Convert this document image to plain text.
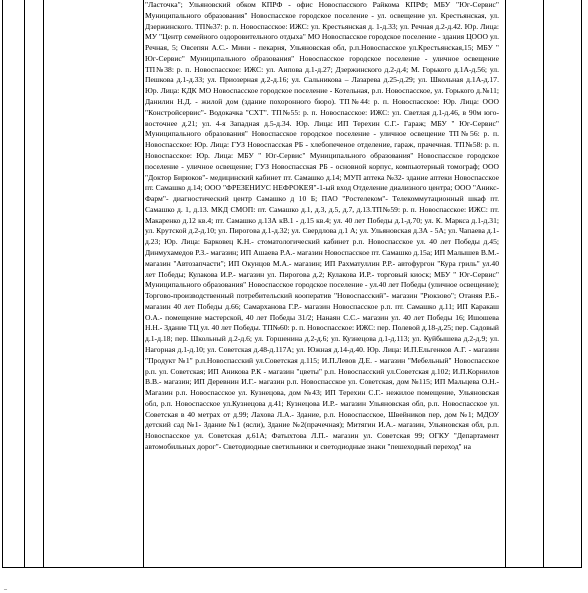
"Ласточка"; Ульяновский обком КПРФ - офис Новоспасского Райкома КПРФ; МБУ "Юг-Сервис" Муниципального образования" Новоспасское городское поселение - ул. освещение ул. Крестьянская, ул. Дзержинского. ТП№37: р. п. Новоспасское: ИЖС: ул. Крестьянская д. 1-д.33; ул. Речная д.2-д.42. Юр. Лица: МУ "Центр семейного оздоровительного отдыха" МО Новоспасское городское поселение - здания ЦООО ул. Речная, 5; Овсепян А.С.- Мини - пекарня, Ульяновская обл, р.п.Новоспасское ул.Крестьянская,15; МБУ " Юг-Сервис" Муниципального образования" Новоспасское городское поселение - уличное освещение ТП№38: р. п. Новоспасское: ИЖС: ул. Аипова д.1-д.27; Дзержинского д.2-д.4; М. Горького д.1А-д.56; ул. Пешкова д.1-д.33; ул. Приозерная д.2-д.16; ул. Сальникова – Лазарева д.25-д.29; ул. Школьная д.1А-д.17. Юр. Лица: КДК МО Новоспасское городское поселение - Котельная, р.п. Новоспасское, ул. Горького д.№11; Данилин Н.Д. - жилой дом (здание похоронного бюро). ТП№44: р. п. Новоспасское: Юр. Лица: ООО "Констройсервис"- Водокачка "СХТ". ТП№55: р. п. Новоспасское: ИЖС: ул. Светлая д.1-д.46, в 90м юго-восточнее д.21; ул. 4-я Западная д.5-д.34. Юр. Лица: ИП Терехин С.Г.- Гараж; МБУ " Юг-Сервис" Муниципального образования" Новоспасское городское поселение - уличное освещение ТП№56: р. п. Новоспасское: Юр. Лица: ГУЗ Новоспасская РБ - хлебопеченое отделение, гараж, прачечная. ТП№58: р. п. Новоспасское: Юр. Лица: МБУ " Юг-Сервис" Муниципального образования" Новоспасское городское поселение - уличное освещение; ГУЗ Новоспасская РБ - основной корпус, компьютерный томограф; ООО "Доктор Бирюков"- медицинский кабинет пт. Самашко д.14; МУП аптека №32- здание аптеки Новоспасское пт. Самашко д.14; ООО "ФРЕЗЕНИУС НЕФРОКЕЯ"-1-ый вход Отделение диализного центра; ООО "Аникс-Фарм"- диагностический центр Самашко д 10 Б; ПАО "Ростелеком"- Телекоммутационный шкаф пт. Самашко д. 1, д.13. МКД СМОП: пт. Самашко д.1, д.3, д.5, д.7, д.13.ТП№59: р. п. Новоспасское: ИЖС: пт. Макаренко д.12 кв.4; пт. Самашко д.13А кВ.1 - д.15 кв.4; ул. 40 лет Победы д.1-д.70; ул. К. Маркса д.1-д.31; ул. Крутской д.2-д.10; ул. Пирогова д.1-д.32; ул. Свердлова д.1 А; ул. Ульяновская д.3А - 5А; ул. Чапаева д.1-д.23; Юр. Лица: Барковец К.Н.- стоматологический кабинет р.п. Новоспасское ул. 40 лет Победы д.45; Динмухамедов Р.З.- магазин; ИП Ашаева Р.А.- магазин Новоспасское пт. Самашко д.15а; ИП Малышев В.М.- магазин "Автозапчасти"; ИП Окунцов М.А.- магазин; ИП Рахматуллин Р.Р.- автофургон "Кура гриль" ул.40 лет Победы; Кулакова И.Р.- магазин ул. Пирогова д.2; Кулакова И.Р.- торговый киоск; МБУ " Юг-Сервис" Муниципального образования" Новоспасское городское поселение - ул.40 лет Победы (уличное освещение); Торгово-производственный потребительский кооператив "Новоспасский"- магазин "Рюкзово"; Отаняя Р.Б.- магазин 40 лет Победы д.66; Самарханова Г.Р.- магазин Новоспасское р.п. пт. Самашко д.11; ИП Каракаш О.А.- помещение мастерской, 40 лет Победы 31/2; Нанаян С.С.- магазин ул. 40 лет Победы 16; Ишошева Н.Н.- Здание ТЦ ул. 40 лет Победы. ТП№60: р. п. Новоспасское: ИЖС: пер. Полевой д.18-д.25; пер. Садовый д.1-д.18; пер. Школьный д.2-д.6; ул. Горшенина д.2-д.6; ул. Кузнецова д.1-д.113; ул. Куйбышева д.2-д.9; ул. Нагорная д.1-д.10; ул. Советская д.48-д.117А; ул. Южная д.14-д.40. Юр. Лица: И.П.Ельгенков А.Г. - магазин "Продукт №1" р.п.Новоспасский ул.Советская д.115; И.П.Левов Д.Е. - магазин "Мебельный" Новоспасское р.п. ул. Советская; ИП Аникова Р.К - магазин "цветы" р.п. Новоспасский ул.Советская д.102; И.П.Корнилов В.В.- магазин; ИП Деревнин И.Г.- магазин р.п. Новоспасское ул. Советская, дом №115; ИП Мальцева О.Н.- Магазин р.п. Новоспасское ул. Кузнецова, дом №43; ИП Терехин С.Г.- нежилое помещение, Ульяновская обл, р.п. Новоспасское ул.Кузнецова д.41; Кузнецова И.Р.- магазин Ульяновская обл, р.п. Новоспасское ул. Советская в 40 метрах от д.99; Лахова Л.А.- Здание, р.п. Новоспасское, Швейников пер, дом №1; МДОУ детский сад №1- Здание №1 (ясли), Здание №2(прачечная); Митягин И.А.- магазин, Ульяновская обл, р.п. Новоспасское ул. Советская д.61А; Фатыхтова Л.П.- магазин ул. Советская 99; ОГКУ "Департамент автомобильных дорог"- Светодиодные светильники и светодиодные знаки "пешеходный переход" на
–
